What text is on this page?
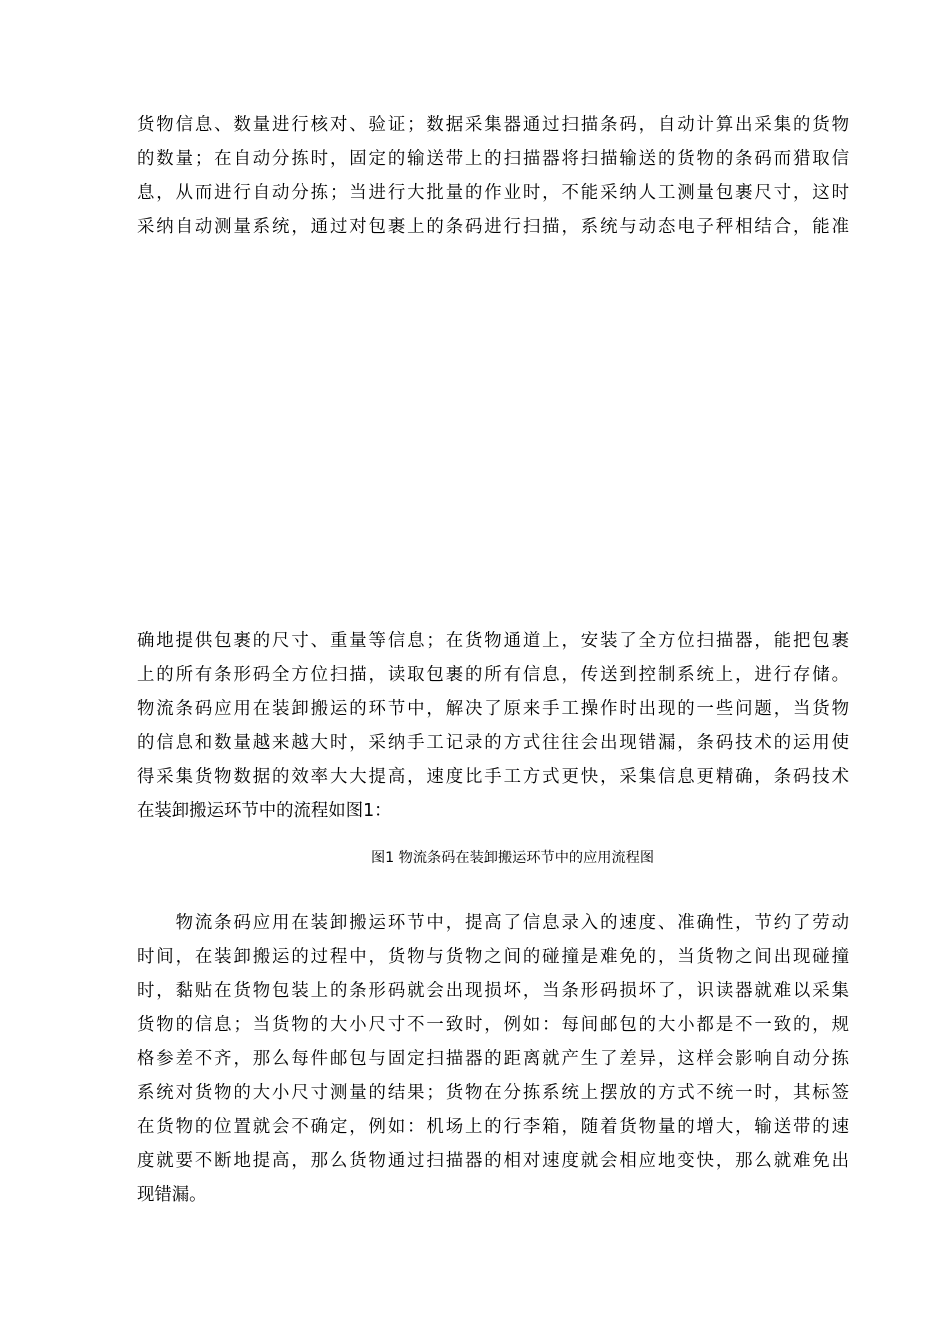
货物信息、数量进行核对、验证；数据采集器通过扫描条码，自动计算出采集的货物
的数量；在自动分拣时，固定的输送带上的扫描器将扫描输送的货物的条码而猎取信
息，从而进行自动分拣；当进行大批量的作业时，不能采纳人工测量包裹尺寸，这时
采纳自动测量系统，通过对包裹上的条码进行扫描，系统与动态电子秤相结合，能准
确地提供包裹的尺寸、重量等信息；在货物通道上，安装了全方位扫描器，能把包裹
上的所有条形码全方位扫描，读取包裹的所有信息，传送到控制系统上，进行存储。
物流条码应用在装卸搬运的环节中，解决了原来手工操作时出现的一些问题，当货物
的信息和数量越来越大时，采纳手工记录的方式往往会出现错漏，条码技术的运用使
得采集货物数据的效率大大提高，速度比手工方式更快，采集信息更精确，条码技术
在装卸搬运环节中的流程如图1：
图1 物流条码在装卸搬运环节中的应用流程图
　　物流条码应用在装卸搬运环节中，提高了信息录入的速度、准确性，节约了劳动
时间，在装卸搬运的过程中，货物与货物之间的碰撞是难免的，当货物之间出现碰撞
时，黏贴在货物包装上的条形码就会出现损坏，当条形码损坏了，识读器就难以采集
货物的信息；当货物的大小尺寸不一致时，例如：每间邮包的大小都是不一致的，规
格参差不齐，那么每件邮包与固定扫描器的距离就产生了差异，这样会影响自动分拣
系统对货物的大小尺寸测量的结果；货物在分拣系统上摆放的方式不统一时，其标签
在货物的位置就会不确定，例如：机场上的行李箱，随着货物量的增大，输送带的速
度就要不断地提高，那么货物通过扫描器的相对速度就会相应地变快，那么就难免出
现错漏。
